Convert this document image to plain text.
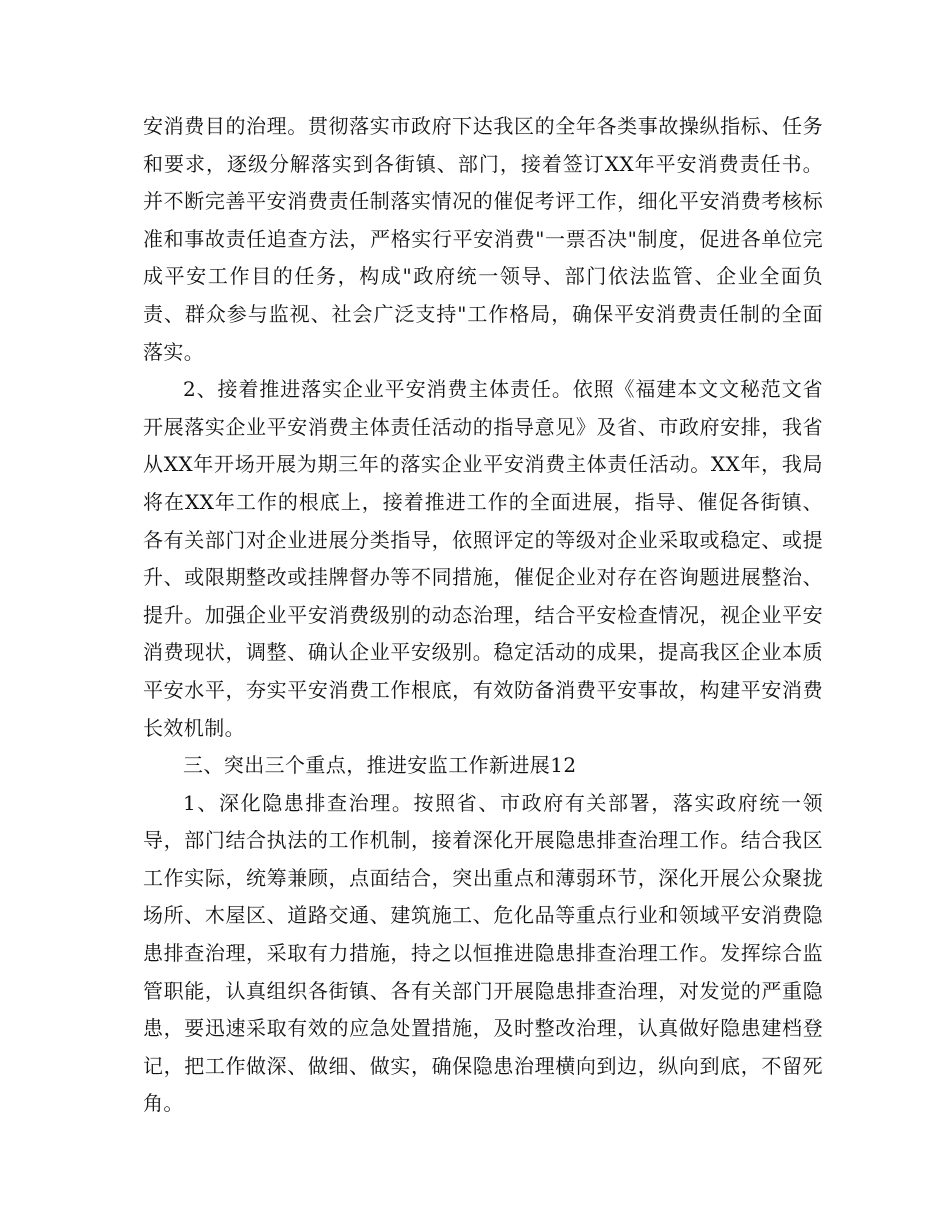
安消费目的治理。贯彻落实市政府下达我区的全年各类事故操纵指标、任务和要求，逐级分解落实到各街镇、部门，接着签订XX年平安消费责任书。并不断完善平安消费责任制落实情况的催促考评工作，细化平安消费考核标准和事故责任追查方法，严格实行平安消费"一票否决"制度，促进各单位完成平安工作目的任务，构成"政府统一领导、部门依法监管、企业全面负责、群众参与监视、社会广泛支持"工作格局，确保平安消费责任制的全面落实。

2、接着推进落实企业平安消费主体责任。依照《福建本文文秘范文省开展落实企业平安消费主体责任活动的指导意见》及省、市政府安排，我省从XX年开场开展为期三年的落实企业平安消费主体责任活动。XX年，我局将在XX年工作的根底上，接着推进工作的全面进展，指导、催促各街镇、各有关部门对企业进展分类指导，依照评定的等级对企业采取或稳定、或提升、或限期整改或挂牌督办等不同措施，催促企业对存在咨询题进展整治、提升。加强企业平安消费级别的动态治理，结合平安检查情况，视企业平安消费现状，调整、确认企业平安级别。稳定活动的成果，提高我区企业本质平安水平，夯实平安消费工作根底，有效防备消费平安事故，构建平安消费长效机制。

三、突出三个重点，推进安监工作新进展12

1、深化隐患排查治理。按照省、市政府有关部署，落实政府统一领导，部门结合执法的工作机制，接着深化开展隐患排查治理工作。结合我区工作实际，统筹兼顾，点面结合，突出重点和薄弱环节，深化开展公众聚拢场所、木屋区、道路交通、建筑施工、危化品等重点行业和领域平安消费隐患排查治理，采取有力措施，持之以恒推进隐患排查治理工作。发挥综合监管职能，认真组织各街镇、各有关部门开展隐患排查治理，对发觉的严重隐患，要迅速采取有效的应急处置措施，及时整改治理，认真做好隐患建档登记，把工作做深、做细、做实，确保隐患治理横向到边，纵向到底，不留死角。
